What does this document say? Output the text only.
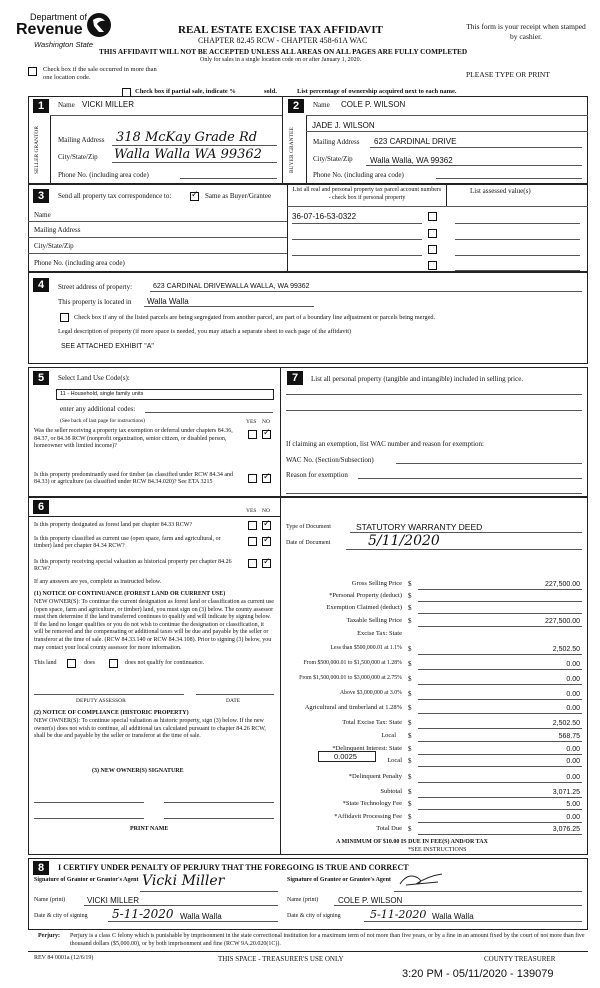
Department of
Revenue
Washington State
REAL ESTATE EXCISE TAX AFFIDAVIT
CHAPTER 82.45 RCW - CHAPTER 458-61A WAC
This form is your receipt when stamped by cashier.
THIS AFFIDAVIT WILL NOT BE ACCEPTED UNLESS ALL AREAS ON ALL PAGES ARE FULLY COMPLETED
Only for sales in a single location code on or after January 1, 2020.
Check box if the sale occurred in more than one location code.	PLEASE TYPE OR PRINT
Check box if partial sale, indicate %	sold.	List percentage of ownership acquired next to each name.
1
SELLER GRANTOR
Name VICKI MILLER
Mailing Address 318 McKay Grade Rd
City/State/Zip Walla Walla WA 99362
Phone No. (including area code)
2
BUYER GRANTEE
Name COLE P. WILSON
JADE J. WILSON
Mailing Address 623 CARDINAL DRIVE
City/State/Zip Walla Walla, WA 99362
Phone No. (including area code)
3	Send all property tax correspondence to:
✓	Same as Buyer/Grantee
List all real and personal property tax parcel account numbers - check box if personal property
List assessed value(s)
Name
Mailing Address
City/State/Zip
Phone No. (including area code)
36-07-16-53-0322
4	Street address of property:	623 CARDINAL DRIVEWALLA WALLA, WA 99362
This property is located in Walla Walla
Check box if any of the listed parcels are being segregated from another parcel, are part of a boundary line adjustment or parcels being merged.
Legal description of property (if more space is needed, you may attach a separate sheet to each page of the affidavit)
SEE ATTACHED EXHIBIT "A"
5	Select Land Use Code(s):
11 - Household, single family units
enter any additional codes:
(See back of last page for instructions)	YES NO
Was the seller receiving a property tax exemption or deferral under chapters 84.36, 84.37, or 84.38 RCW (nonprofit organization, senior citizen, or disabled person, homeowner with limited income)?
✓
Is this property predominantly used for timber (as classified under RCW 84.34 and 84.33) or agriculture (as classified under RCW 84.34.020)? See ETA 3215
✓
7	List all personal property (tangible and intangible) included in selling price.
If claiming an exemption, list WAC number and reason for exemption:
WAC No. (Section/Subsection)
Reason for exemption
6	YES NO
Is this property designated as forest land per chapter 84.33 RCW?
✓
Is this property classified as current use (open space, farm and agricultural, or timber) land per chapter 84.34 RCW?
✓
Is this property receiving special valuation as historical property per chapter 84.26 RCW?
✓
If any answers are yes, complete as instructed below.
(1) NOTICE OF CONTINUANCE (FOREST LAND OR CURRENT USE)
NEW OWNER(S): To continue the current designation as forest land or classification as current use (open space, farm and agriculture, or timber) land, you must sign on (3) below. The county assessor must then determine if the land transferred continues to qualify and will indicate by signing below. If the land no longer qualifies or you do not wish to continue the designation or classification, it will be removed and the compensating or additional taxes will be due and payable by the seller or transferor at the time of sale. (RCW 84.33.140 or RCW 84.34.108). Prior to signing (3) below, you may contact your local county assessor for more information.
This land	does	does not qualify for continuance.
DEPUTY ASSESSOR	DATE
(2) NOTICE OF COMPLIANCE (HISTORIC PROPERTY)
NEW OWNER(S): To continue special valuation as historic property, sign (3) below. If the new owner(s) does not wish to continue, all additional tax calculated pursuant to chapter 84.26 RCW, shall be due and payable by the seller or transferor at the time of sale.
(3) NEW OWNER(S) SIGNATURE
PRINT NAME
Type of Document	STATUTORY WARRANTY DEED
Date of Document	5/11/2020
Gross Selling Price $	227,500.00
*Personal Property (deduct) $
Exemption Claimed (deduct) $
Taxable Selling Price $	227,500.00
Excise Tax: State
Less than $500,000.01 at 1.1% $	2,502.50
From $500,000.01 to $1,500,000 at 1.28% $	0.00
From $1,500,000.01 to $3,000,000 at 2.75% $	0.00
Above $3,000,000 at 3.0% $	0.00
Agricultural and timberland at 1.28% $	0.00
Total Excise Tax: State $	2,502.50
Local $	568.75
*Delinquent Interest: State $	0.00
Local $	0.00
*Delinquent Penalty $	0.00
Subtotal $	3,071.25
*State Technology Fee $	5.00
*Affidavit Processing Fee $	0.00
Total Due $	3,076.25
0.0025
A MINIMUM OF $10.00 IS DUE IN FEE(S) AND/OR TAX
*SEE INSTRUCTIONS
8	I CERTIFY UNDER PENALTY OF PERJURY THAT THE FOREGOING IS TRUE AND CORRECT
Signature of Grantor or Grantor's Agent Vicki Miller	Signature of Grantee or Grantee's Agent
Name (print)	VICKI MILLER	Name (print) COLE P. WILSON
Date & city of signing 5-11-2020 Walla Walla	Date & city of signing	5-11-2020 Walla Walla
Perjury: Perjury is a class C felony which is punishable by imprisonment in the state correctional institution for a maximum term of not more than five years, or by a fine in an amount fixed by the court of not more than five thousand dollars ($5,000.00), or by both imprisonment and fine (RCW 9A.20.020(1C)).
REV 84 0001a (12/6/19)	THIS SPACE - TREASURER'S USE ONLY	COUNTY TREASURER
3:20 PM - 05/11/2020 - 139079
